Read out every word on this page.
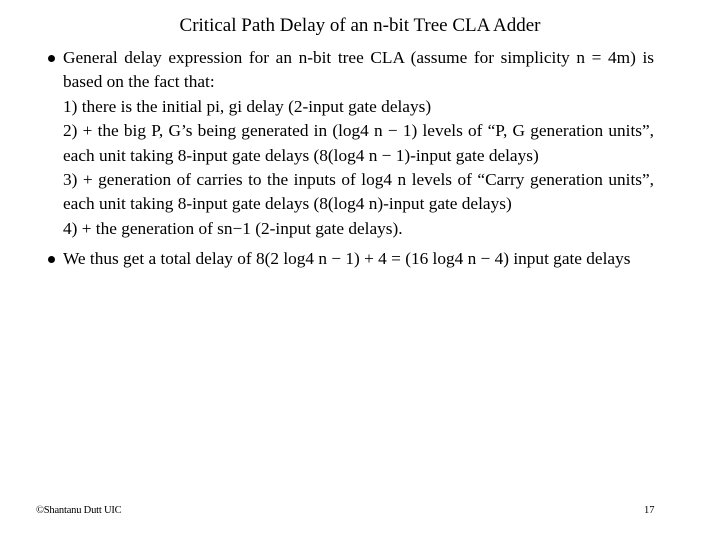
Critical Path Delay of an n-bit Tree CLA Adder

General delay expression for an n-bit tree CLA (assume for simplicity n = 4m) is based on the fact that:

1) there is the initial pi, gi delay (2-input gate delays)

2) + the big P, G’s being generated in (log4 n − 1) levels of “P, G generation units”, each unit taking 8-input gate delays (8(log4 n − 1)-input gate delays)

3) + generation of carries to the inputs of log4 n levels of “Carry generation units”, each unit taking 8-input gate delays (8(log4 n)-input gate delays)

4) + the generation of sn−1 (2-input gate delays).

We thus get a total delay of 8(2 log4 n − 1) + 4 = (16 log4 n − 4) input gate delays

©Shantanu Dutt UIC	17
